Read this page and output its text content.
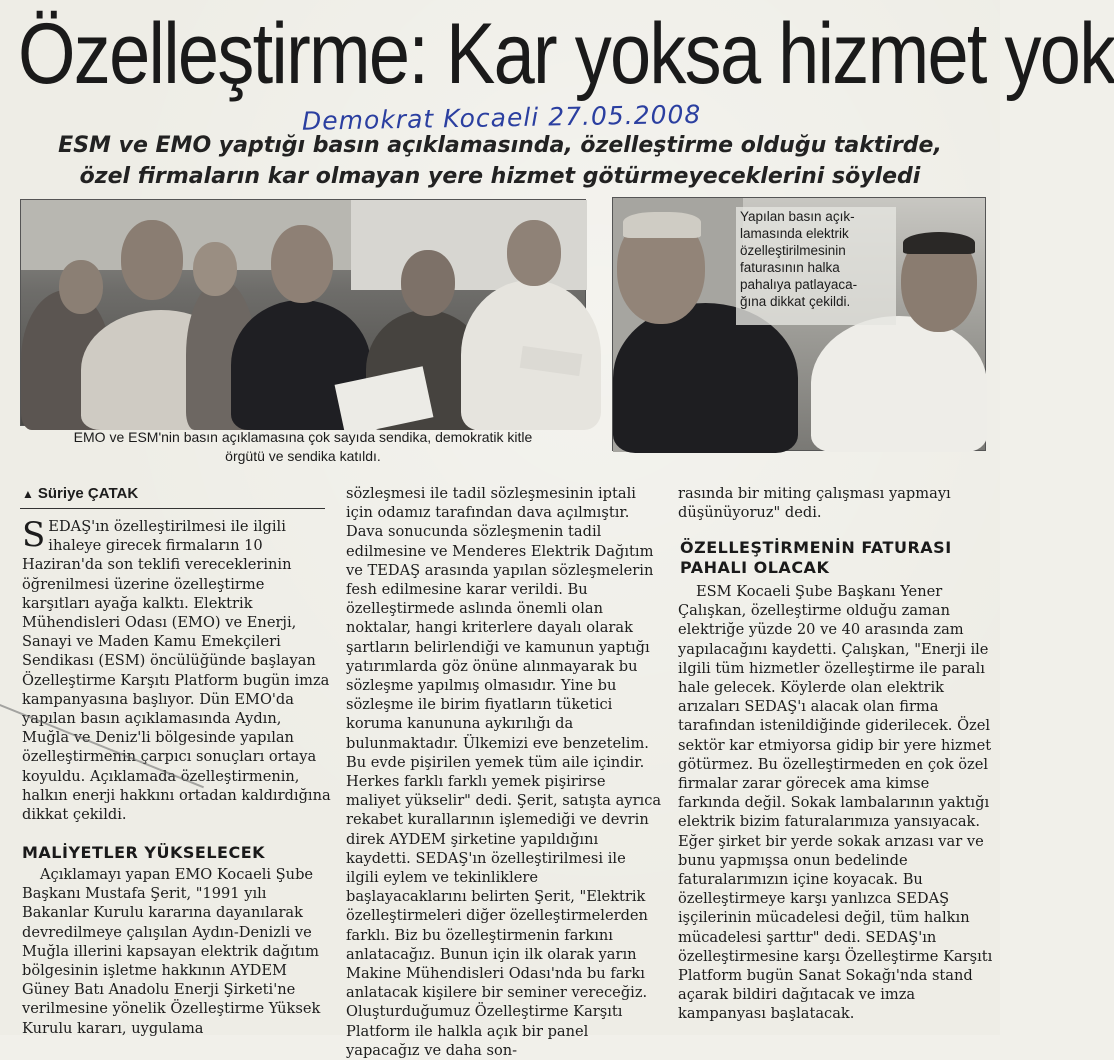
Özelleştirme: Kar yoksa hizmet yok
Demokrat Kocaeli 27.05.2008
ESM ve EMO yaptığı basın açıklamasında, özelleştirme olduğu taktirde,
özel firmaların kar olmayan yere hizmet götürmeyeceklerini söyledi
Yapılan basın açık-
lamasında elektrik
özelleştirilmesinin
faturasının halka
pahalıya patlayaca-
ğına dikkat çekildi.
EMO ve ESM'nin basın açıklamasına çok sayıda sendika, demokratik kitle
örgütü ve sendika katıldı.
▲ Süriye ÇATAK
S EDAŞ'ın özelleştirilmesi ile ilgili ihaleye girecek firmaların 10 Haziran'da son teklifi vereceklerinin öğrenilmesi üzerine özelleştirme karşıtları ayağa kalktı. Elektrik Mühendisleri Odası (EMO) ve Enerji, Sanayi ve Maden Kamu Emekçileri Sendikası (ESM) öncülüğünde başlayan Özelleştirme Karşıtı Platform bugün imza kampanyasına başlıyor. Dün EMO'da yapılan basın açıklamasında Aydın, Muğla ve Deniz'li bölgesinde yapılan özelleştirmenin çarpıcı sonuçları ortaya koyuldu. Açıklamada özelleştirmenin, halkın enerji hakkını ortadan kaldırdığına dikkat çekildi.

MALİYETLER YÜKSELECEK

Açıklamayı yapan EMO Kocaeli Şube Başkanı Mustafa Şerit, "1991 yılı Bakanlar Kurulu kararına dayanılarak devredilmeye çalışılan Aydın-Denizli ve Muğla illerini kapsayan elektrik dağıtım bölgesinin işletme hakkının AYDEM Güney Batı Anadolu Enerji Şirketi'ne verilmesine yönelik Özelleştirme Yüksek Kurulu kararı, uygulama

sözleşmesi ile tadil sözleşmesinin iptali için odamız tarafından dava açılmıştır. Dava sonucunda sözleşmenin tadil edilmesine ve Menderes Elektrik Dağıtım ve TEDAŞ arasında yapılan sözleşmelerin fesh edilmesine karar verildi. Bu özelleştirmede aslında önemli olan noktalar, hangi kriterlere dayalı olarak şartların belirlendiği ve kamunun yaptığı yatırımlarda göz önüne alınmayarak bu sözleşme yapılmış olmasıdır. Yine bu sözleşme ile birim fiyatların tüketici koruma kanununa aykırılığı da bulunmaktadır. Ülkemizi eve benzetelim. Bu evde pişirilen yemek tüm aile içindir. Herkes farklı farklı yemek pişirirse maliyet yükselir" dedi. Şerit, satışta ayrıca rekabet kurallarının işlemediği ve devrin direk AYDEM şirketine yapıldığını kaydetti. SEDAŞ'ın özelleştirilmesi ile ilgili eylem ve tekinliklere başlayacaklarını belirten Şerit, "Elektrik özelleştirmeleri diğer özelleştirmelerden farklı. Biz bu özelleştirmenin farkını anlatacağız. Bunun için ilk olarak yarın Makine Mühendisleri Odası'nda bu farkı anlatacak kişilere bir seminer vereceğiz. Oluşturduğumuz Özelleştirme Karşıtı Platform ile halkla açık bir panel yapacağız ve daha son-

rasında bir miting çalışması yapmayı düşünüyoruz" dedi.

ÖZELLEŞTİRMENİN FATURASI PAHALI OLACAK

ESM Kocaeli Şube Başkanı Yener Çalışkan, özelleştirme olduğu zaman elektriğe yüzde 20 ve 40 arasında zam yapılacağını kaydetti. Çalışkan, "Enerji ile ilgili tüm hizmetler özelleştirme ile paralı hale gelecek. Köylerde olan elektrik arızaları SEDAŞ'ı alacak olan firma tarafından istenildiğinde giderilecek. Özel sektör kar etmiyorsa gidip bir yere hizmet götürmez. Bu özelleştirmeden en çok özel firmalar zarar görecek ama kimse farkında değil. Sokak lambalarının yaktığı elektrik bizim faturalarımıza yansıyacak. Eğer şirket bir yerde sokak arızası var ve bunu yapmışsa onun bedelinde faturalarımızın içine koyacak. Bu özelleştirmeye karşı yanlızca SEDAŞ işçilerinin mücadelesi değil, tüm halkın mücadelesi şarttır" dedi. SEDAŞ'ın özelleştirmesine karşı Özelleştirme Karşıtı Platform bugün Sanat Sokağı'nda stand açarak bildiri dağıtacak ve imza kampanyası başlatacak.
